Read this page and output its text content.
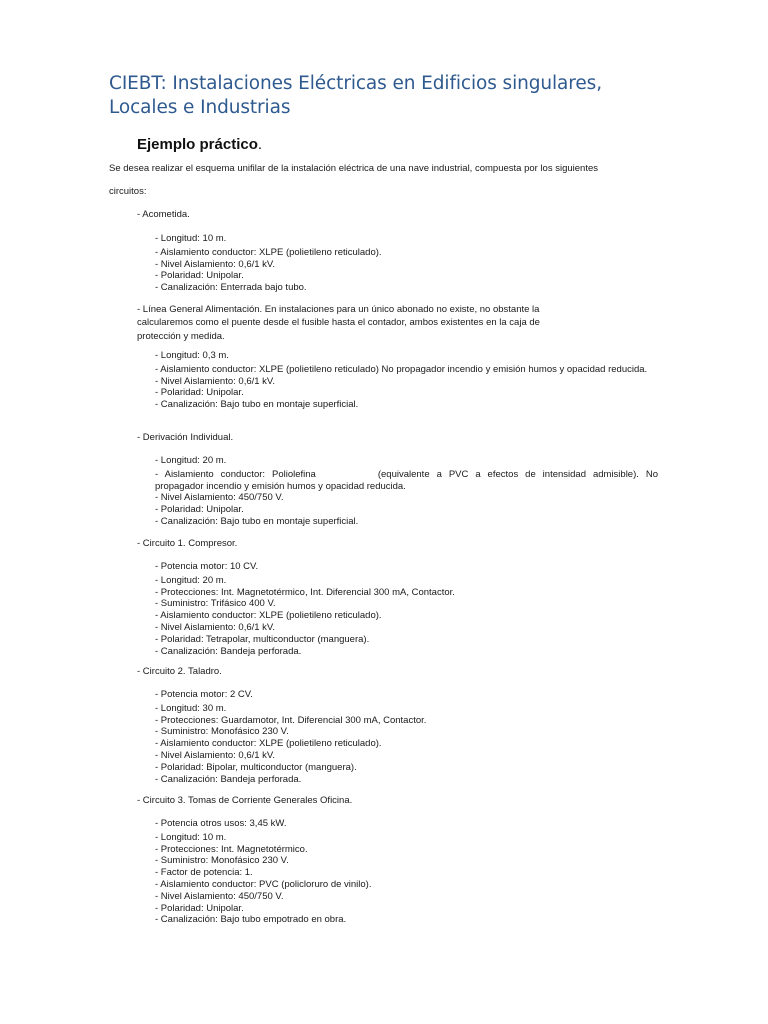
CIEBT: Instalaciones Eléctricas en Edificios singulares, Locales e Industrias
Ejemplo práctico.

Se desea realizar el esquema unifilar de la instalación eléctrica de una nave industrial, compuesta por los siguientes

circuitos:

- Acometida.

- Longitud: 10 m.
- Aislamiento conductor: XLPE (polietileno reticulado).
- Nivel Aislamiento: 0,6/1 kV.
- Polaridad: Unipolar.
- Canalización: Enterrada bajo tubo.
- Línea General Alimentación. En instalaciones para un único abonado no existe, no obstante la
calcularemos como el puente desde el fusible hasta el contador, ambos existentes en la caja de
protección y medida.
- Longitud: 0,3 m.
- Aislamiento conductor: XLPE (polietileno reticulado) No propagador incendio y emisión humos y opacidad reducida.
- Nivel Aislamiento: 0,6/1 kV.
- Polaridad: Unipolar.
- Canalización: Bajo tubo en montaje superficial.

- Derivación Individual.

- Longitud: 20 m.
- Aislamiento conductor: Poliolefina	(equivalente a PVC a efectos de intensidad admisible). No propagador incendio y emisión humos y opacidad reducida.
- Nivel Aislamiento: 450/750 V.
- Polaridad: Unipolar.
- Canalización: Bajo tubo en montaje superficial.

- Circuito 1. Compresor.

- Potencia motor: 10 CV.
- Longitud: 20 m.
- Protecciones: Int. Magnetotérmico, Int. Diferencial 300 mA, Contactor.
- Suministro: Trifásico 400 V.
- Aislamiento conductor: XLPE (polietileno reticulado).
- Nivel Aislamiento: 0,6/1 kV.
- Polaridad: Tetrapolar, multiconductor (manguera).
- Canalización: Bandeja perforada.

- Circuito 2. Taladro.

- Potencia motor: 2 CV.
- Longitud: 30 m.
- Protecciones: Guardamotor, Int. Diferencial 300 mA, Contactor.
- Suministro: Monofásico 230 V.
- Aislamiento conductor: XLPE (polietileno reticulado).
- Nivel Aislamiento: 0,6/1 kV.
- Polaridad: Bipolar, multiconductor (manguera).
- Canalización: Bandeja perforada.

- Circuito 3. Tomas de Corriente Generales Oficina.

- Potencia otros usos: 3,45 kW.
- Longitud: 10 m.
- Protecciones: Int. Magnetotérmico.
- Suministro: Monofásico 230 V.
- Factor de potencia: 1.
- Aislamiento conductor: PVC (policloruro de vinilo).
- Nivel Aislamiento: 450/750 V.
- Polaridad: Unipolar.
- Canalización: Bajo tubo empotrado en obra.
